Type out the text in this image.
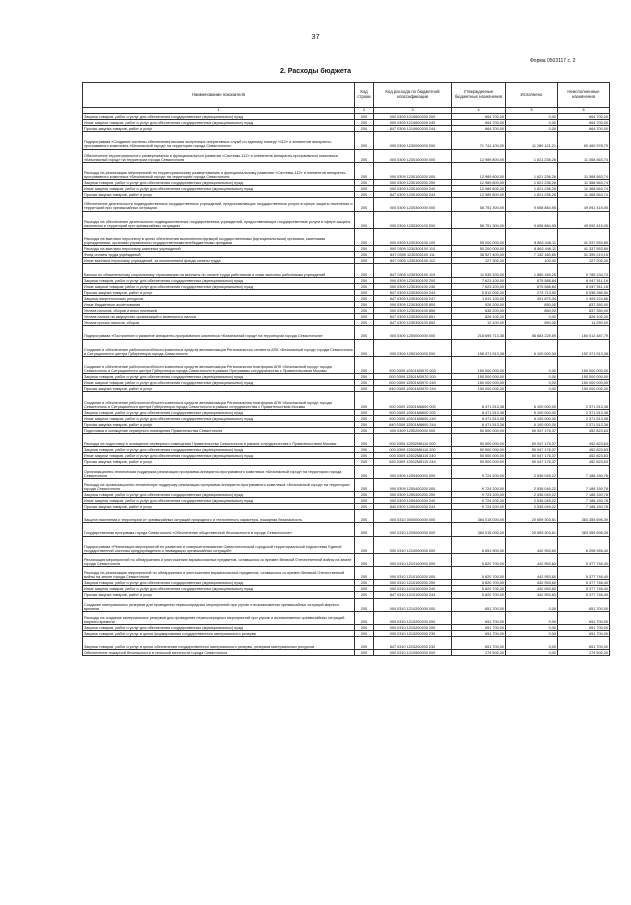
37
Форма 0503117 с. 2
2. Расходы бюджета
Наименование показателя	Код строки	Код расхода по бюджетной классификации	Утвержденные бюджетные назначения	Исполнено	Неисполненные назначения
1	2	3	4	5	6
Закупка товаров, работ и услуг для обеспечения государственных (муниципальных) нужд	200	000 0309 1210600200 200	664 700,00	0,00	664 700,00
Иные закупки товаров, работ и услуг для обеспечения государственных (муниципальных) нужд	200	000 0309 1210600200 240	664 700,00	0,00	664 700,00
Прочая закупка товаров, работ и услуг	200	847 0309 1210600200 244	664 700,00	0,00	664 700,00
Подпрограмма «Создание системы обеспечения вызова экстренных оперативных служб по единому номеру «112» и элементов аппаратно-программного комплекса «Безопасный город» на территории города Севастополя»	200	000 0309 1230000000 000	71 741 100,00	11 280 121,21	60 460 978,79
Обеспечение территориального развертывания и функционального развития «Системы-112» и элементов аппаратно-программного комплекса «Безопасный город» на территории города Севастополя	200	000 0309 1230100000 000	12 989 800,00	1 621 236,26	11 368 563,74
Расходы на реализацию мероприятий по территориальному развертыванию и функциональному развитию «Системы-112» и элементов аппаратно-программного комплекса «Безопасный город» на территории города Севастополя	200	000 0309 1230100200 000	12 989 800,00	1 621 236,26	11 368 563,74
Закупка товаров, работ и услуг для обеспечения государственных (муниципальных) нужд	200	000 0309 1230100200 200	12 989 800,00	1 621 236,26	11 368 563,74
Иные закупки товаров, работ и услуг для обеспечения государственных (муниципальных) нужд	200	000 0309 1230100200 240	12 989 800,00	1 621 236,26	11 368 563,74
Прочая закупка товаров, работ и услуг	200	847 0309 1230100200 244	12 989 800,00	1 621 236,26	11 368 563,74
Обеспечение деятельности подведомственных государственных учреждений, предоставляющих государственные услуги в сфере защиты населения и территорий при чрезвычайных ситуациях	200	000 0309 1230300000 000	58 751 300,00	9 658 884,95	49 092 415,05
Расходы на обеспечение деятельности подведомственных государственных учреждений, предоставляющих государственные услуги в сфере защиты населения и территорий при чрезвычайных ситуациях	200	000 0309 1230300100 000	58 751 300,00	9 658 884,95	49 092 415,05
Расходы на выплаты персоналу в целях обеспечения выполнения функций государственными (муниципальными) органами, казенными учреждениями, органами управления государственными внебюджетными фондами	200	000 0309 1230300100 100	50 200 000,00	8 862 446,11	41 337 553,89
Расходы на выплаты персоналу казенных учреждений	200	000 0309 1230300100 110	50 200 000,00	8 862 446,11	41 337 553,89
Фонд оплаты труда учреждений	200	847 0309 1230300100 111	38 527 400,00	7 132 180,85	31 395 219,15
Иные выплаты персоналу учреждений, за исключением фонда оплаты труда	200	847 0309 1230300100 112	127 300,00	100,00	127 200,00
Взносы по обязательному социальному страхованию на выплаты по оплате труда работников и иные выплаты работникам учреждений	200	847 0309 1230300100 119	11 535 300,00	1 860 165,26	9 785 134,74
Закупка товаров, работ и услуг для обеспечения государственных (муниципальных) нужд	200	000 0309 1230300100 200	7 623 100,00	675 588,84	6 947 511,16
Иные закупки товаров, работ и услуг для обеспечения государственных (муниципальных) нужд	200	000 0309 1230300100 240	7 623 100,00	675 588,84	6 947 511,16
Прочая закупка товаров, работ и услуг	200	847 0309 1230300100 244	5 812 000,00	273 713,50	5 538 286,50
Закупка энергетических ресурсов	200	847 0309 1230300100 247	1 811 100,00	401 875,34	1 409 224,66
Иные бюджетные ассигнования	200	000 0309 1230300100 800	928 200,00	850,00	837 350,00
Уплата налогов, сборов и иных платежей	200	000 0309 1230300100 850	838 200,00	850,00	837 350,00
Уплата налога на имущество организаций и земельного налога	200	847 0309 1230300100 851	826 100,00	0,00	826 100,00
Уплата прочих налогов, сборов	200	847 0309 1230300100 852	12 100,00	850,00	11 250,00
Подпрограмма «Построение и развитие аппаратно-программного комплекса «Безопасный город» на территории города Севастополя»	200	000 0309 1250000000 000	218 695 713,38	58 683 225,59	160 012 487,79
Создание и обеспечение работоспособности комплекса средств автоматизации Регионального сегмента АПК «Безопасный город» города Севастополь и Ситуационного центра Губернатора города Севастополя	200	000 0309 1250100000 000	158 471 513,38	6 100 000,00	152 371 513,38
Создание и обеспечение работоспособности комплекса средств автоматизации Региональная платформа АПК «Безопасный город» города Севастополь и Ситуационного центра Губернатора города Севастополя в рамках Программы сотрудничества с Правительством Москвы	200	000 0309 12501M3970 000	150 000 000,00	0,00	150 000 000,00
Закупка товаров, работ и услуг для обеспечения государственных (муниципальных) нужд	200	000 0309 12501M3970 200	150 000 000,00	0,00	150 000 000,00
Иные закупки товаров, работ и услуг для обеспечения государственных (муниципальных) нужд	200	000 0309 12501M3970 240	150 000 000,00	0,00	150 000 000,00
Прочая закупка товаров, работ и услуг	200	840 0309 12501M3970 244	150 000 000,00	0,00	150 000 000,00
Создание и обеспечение работоспособности комплекса средств автоматизации Региональная платформа АПК «Безопасный город» города Севастополь и Ситуационного центра Губернатора города Севастополя в рамках сотрудничества с Правительством Москвы	200	000 0309 12501M6600 000	8 471 513,38	6 100 000,00	2 371 513,38
Закупка товаров, работ и услуг для обеспечения государственных (муниципальных) нужд	200	000 0309 12501M6600 200	8 471 513,38	6 100 000,00	2 371 513,38
Иные закупки товаров, работ и услуг для обеспечения государственных (муниципальных) нужд	200	000 0309 12501M6600 240	8 471 513,38	6 100 000,00	2 371 513,38
Прочая закупка товаров, работ и услуг	200	840 0309 12501M6600 244	8 471 513,38	6 100 000,00	2 371 513,38
Подготовка и оснащение серверного помещения Правительства Севастополя	200	000 0309 1250200000 000	50 500 000,00	50 047 176,37	452 823,63
Расходы на подготовку и оснащение серверного помещения Правительства Севастополя в рамках сотрудничества с Правительством Москвы	200	000 0309 12502M8110 000	50 500 000,00	50 047 176,37	452 823,63
Закупка товаров, работ и услуг для обеспечения государственных (муниципальных) нужд	200	000 0309 12502M8110 200	50 500 000,00	50 047 176,37	452 823,63
Иные закупки товаров, работ и услуг для обеспечения государственных (муниципальных) нужд	200	000 0309 12502M8110 240	50 500 000,00	50 047 176,37	452 823,63
Прочая закупка товаров, работ и услуг	200	840 0309 12502M8110 244	50 500 000,00	50 047 176,37	452 823,63
Организационно-техническая поддержка реализации программы аппаратно-программного комплекса «Безопасный город» на территории города Севастополя	200	000 0309 1250400000 000	9 724 200,00	2 536 049,22	7 188 150,78
Расходы на организационно-техническую поддержку реализации программы аппаратно-программного комплекса «Безопасный город» на территории города Севастополя	200	000 0309 1250400200 000	9 724 200,00	2 536 049,22	7 188 150,78
Закупка товаров, работ и услуг для обеспечения государственных (муниципальных) нужд	200	000 0309 1250400200 200	9 724 200,00	2 536 049,22	7 188 150,78
Иные закупки товаров, работ и услуг для обеспечения государственных (муниципальных) нужд	200	000 0309 1250400200 240	9 724 200,00	2 536 049,22	7 188 150,78
Прочая закупка товаров, работ и услуг	200	840 0309 1250400200 244	9 724 200,00	2 536 049,22	7 188 150,78
Защита населения и территории от чрезвычайных ситуаций природного и техногенного характера, пожарная безопасность	200	000 0310 0000000000 000	384 015 000,00	20 659 303,61	363 355 696,39
Государственная программа города Севастополя «Обеспечение общественной безопасности в городе Севастополе»	200	000 0310 1200000000 000	384 015 000,00	20 659 303,61	363 355 696,39
Подпрограмма «Реализация мероприятий по развитию и совершенствованию Севастопольской городской территориальной подсистемы Единой государственной системы предупреждения и ликвидации чрезвычайных ситуаций»	200	000 0310 1210000000 000	6 651 900,00	442 953,60	6 208 946,40
Реализация мероприятий по обнаружению и уничтожению взрывоопасных предметов, оставшихся со времен Великой Отечественной войны на земле города Севастополя	200	000 0310 1210100000 000	5 820 700,00	442 953,60	5 377 746,40
Расходы на реализацию мероприятий по обнаружению и уничтожению взрывоопасных предметов, оставшихся со времен Великой Отечественной войны на земле города Севастополя	200	000 0310 1210100200 000	5 820 700,00	442 953,60	5 377 746,40
Закупка товаров, работ и услуг для обеспечения государственных (муниципальных) нужд	200	000 0310 1210100200 200	5 820 700,00	442 953,60	5 377 746,40
Иные закупки товаров, работ и услуг для обеспечения государственных (муниципальных) нужд	200	000 0310 1210100200 240	5 820 700,00	442 953,60	5 377 746,40
Прочая закупка товаров, работ и услуг	200	847 0310 1210100200 244	5 820 700,00	442 953,60	5 377 746,40
Создание материальных резервов для проведения первоочередных мероприятий при угрозе и возникновении чрезвычайных ситуаций мирного времени	200	000 0310 1210200000 000	651 700,00	0,00	651 700,00
Расходы на создание материальных резервов для проведения первоочередных мероприятий при угрозе и возникновении чрезвычайных ситуаций мирного времени	200	000 0310 1210200200 000	651 700,00	0,00	651 700,00
Закупка товаров, работ и услуг для обеспечения государственных (муниципальных) нужд	200	000 0310 1210200200 200	651 700,00	0,00	651 700,00
Закупка товаров, работ и услуг в целях формирования государственного материального резерва	200	000 0310 1210200200 230	651 700,00	0,00	651 700,00
Закупка товаров, работ и услуг в целях обеспечения государственного материального резерва, резервов материальных ресурсов	200	847 0310 1210200200 232	651 700,00	0,00	651 700,00
Обеспечение пожарной безопасности в сельской местности города Севастополя	200	000 0310 1210500000 000	179 500,00	0,00	179 500,00
